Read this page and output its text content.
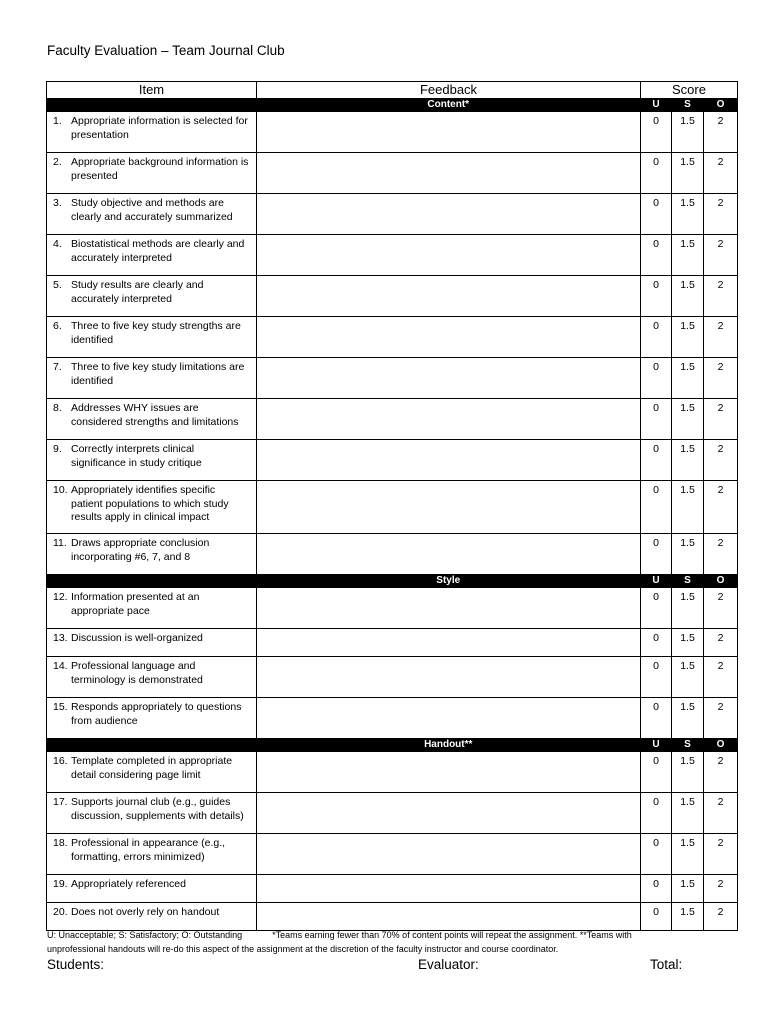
Faculty Evaluation – Team Journal Club
Item	Feedback	Score		
	Content*	U	S	O
1. Appropriate information is selected for presentation		0	1.5	2
2. Appropriate background information is presented		0	1.5	2
3. Study objective and methods are clearly and accurately summarized		0	1.5	2
4. Biostatistical methods are clearly and accurately interpreted		0	1.5	2
5. Study results are clearly and accurately interpreted		0	1.5	2
6. Three to five key study strengths are identified		0	1.5	2
7. Three to five key study limitations are identified		0	1.5	2
8. Addresses WHY issues are considered strengths and limitations		0	1.5	2
9. Correctly interprets clinical significance in study critique		0	1.5	2
10. Appropriately identifies specific patient populations to which study results apply in clinical impact		0	1.5	2
11. Draws appropriate conclusion incorporating #6, 7, and 8		0	1.5	2
	Style	U	S	O
12. Information presented at an appropriate pace		0	1.5	2
13. Discussion is well-organized		0	1.5	2
14. Professional language and terminology is demonstrated		0	1.5	2
15. Responds appropriately to questions from audience		0	1.5	2
	Handout**	U	S	O
16. Template completed in appropriate detail considering page limit		0	1.5	2
17. Supports journal club (e.g., guides discussion, supplements with details)		0	1.5	2
18. Professional in appearance (e.g., formatting, errors minimized)		0	1.5	2
19. Appropriately referenced		0	1.5	2
20. Does not overly rely on handout		0	1.5	2
U: Unacceptable; S: Satisfactory; O: Outstanding	*Teams earning fewer than 70% of content points will repeat the assignment. **Teams with unprofessional handouts will re-do this aspect of the assignment at the discretion of the faculty instructor and course coordinator.
Students:	Evaluator:	Total:
